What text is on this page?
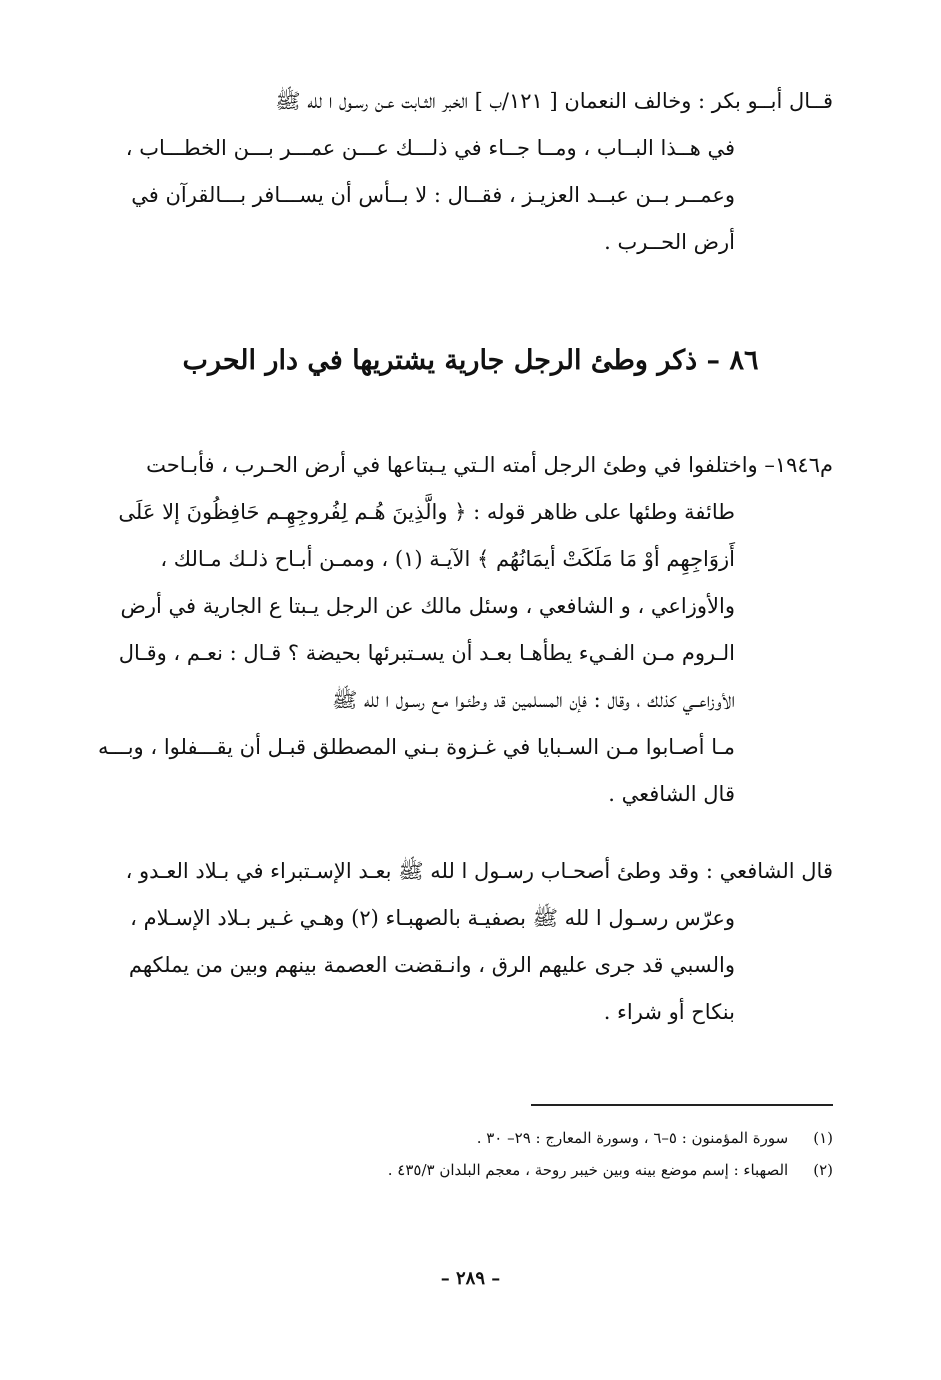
قــال أبــو بكر : وخالف النعمان [ ١٢١/ب ] الخبر الثـابت عـن رسـول ا لله ﷺ
في هــذا البــاب ، ومــا جــاء في ذلـــك عـــن عمـــر بـــن الخطـــاب ،
وعمــر بــن عبــد العزيـز ، فقــال : لا بــأس أن يســـافر بـــالقرآن في
أرض الحــرب .
٨٦ – ذكر وطئ الرجل جارية يشتريها في دار الحرب
م١٩٤٦– واختلفوا في وطئ الرجل أمته الـتي يـبتاعها في أرض الحـرب ، فأبـاحت
طائفة وطئها على ظاهر قوله : ﴿ والَّذِينَ هُـم لِفُروجِهِـم حَافِظُونَ إلا عَلَى
أَزوَاجِهِم أوْ مَا مَلَكَتْ أيمَانُهُم ﴾ الآيـة (١) ، وممـن أبـاح ذلـك مـالك ،
والأوزاعي ، و الشافعي ، وسئل مالك عن الرجل يـبتا ع الجارية في أرض
الـروم مـن الفـيء يطأهـا بعـد أن يسـتبرئها بحيضة ؟ قـال : نعـم ، وقـال
الأوزاعــي كذلك ، وقال : فإن المسلمين قد وطئـوا مـع رسـول ا لله ﷺ
مـا أصـابوا مـن السـبايا في غـزوة بـني المصطلق قبـل أن يقـــفلوا ، وبـــه
قال الشافعي .
قال الشافعي : وقد وطئ أصحـاب رسـول ا لله ﷺ بعـد الإسـتبراء في بـلاد العـدو ،
وعرّس رسـول ا لله ﷺ بصفيـة بالصهبـاء (٢) وهـي غـير بـلاد الإسـلام ،
والسبي قد جرى عليهم الرق ، وانـقضت العصمة بينهم وبين من يملكهم
بنكاح أو شراء .
(١) سورة المؤمنون : ٥–٦ ، وسورة المعارج : ٢٩– ٣٠ .
(٢) الصهباء : إسم موضع بينه وبين خيبر روحة ، معجم البلدان ٤٣٥/٣ .
– ٢٨٩ –
